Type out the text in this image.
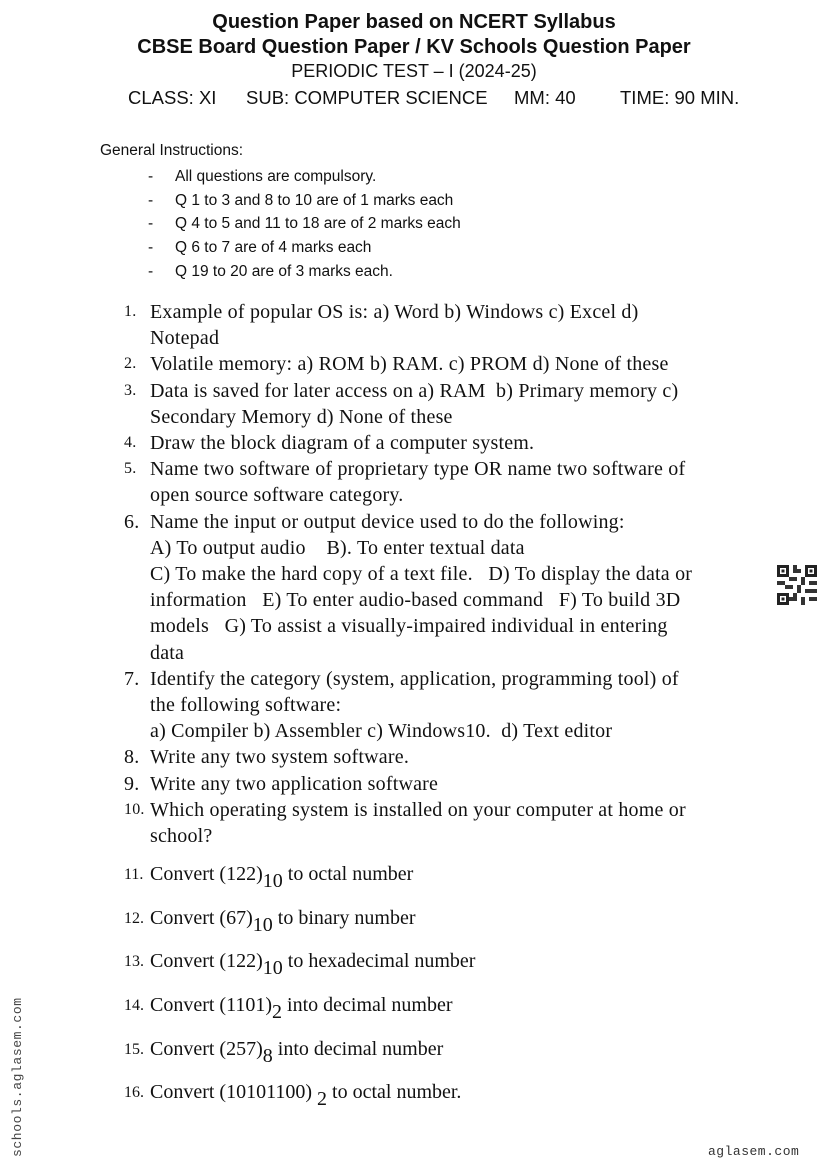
Question Paper based on NCERT Syllabus
CBSE Board Question Paper / KV Schools Question Paper
PERIODIC TEST – I (2024-25)
CLASS: XI SUB: COMPUTER SCIENCE MM: 40 TIME: 90 MIN.
General Instructions:
- All questions are compulsory.
- Q 1 to 3 and 8 to 10 are of 1 marks each
- Q 4 to 5 and 11 to 18 are of 2 marks each
- Q 6 to 7 are of 4 marks each
- Q 19 to 20 are of 3 marks each.
1. Example of popular OS is: a) Word b) Windows c) Excel d)
Notepad
2. Volatile memory: a) ROM b) RAM. c) PROM d) None of these
3. Data is saved for later access on a) RAM  b) Primary memory c)
Secondary Memory d) None of these
4. Draw the block diagram of a computer system.
5. Name two software of proprietary type OR name two software of
open source software category.
6. Name the input or output device used to do the following:
A) To output audio    B). To enter textual data
C) To make the hard copy of a text file.   D) To display the data or
information   E) To enter audio-based command   F) To build 3D
models   G) To assist a visually-impaired individual in entering
data
7. Identify the category (system, application, programming tool) of
the following software:
a) Compiler b) Assembler c) Windows10.  d) Text editor
8. Write any two system software.
9. Write any two application software
10. Which operating system is installed on your computer at home or
school?
11. Convert $(122)_{10}$ to octal number
12. Convert $(67)_{10}$ to binary number
13. Convert $(122)_{10}$ to hexadecimal number
14. Convert $(1101)_2$ into decimal number
15. Convert $(257)_8$ into decimal number
16. Convert (10101100) $_2$ to octal number.
schools.aglasem.com	aglasem.com
